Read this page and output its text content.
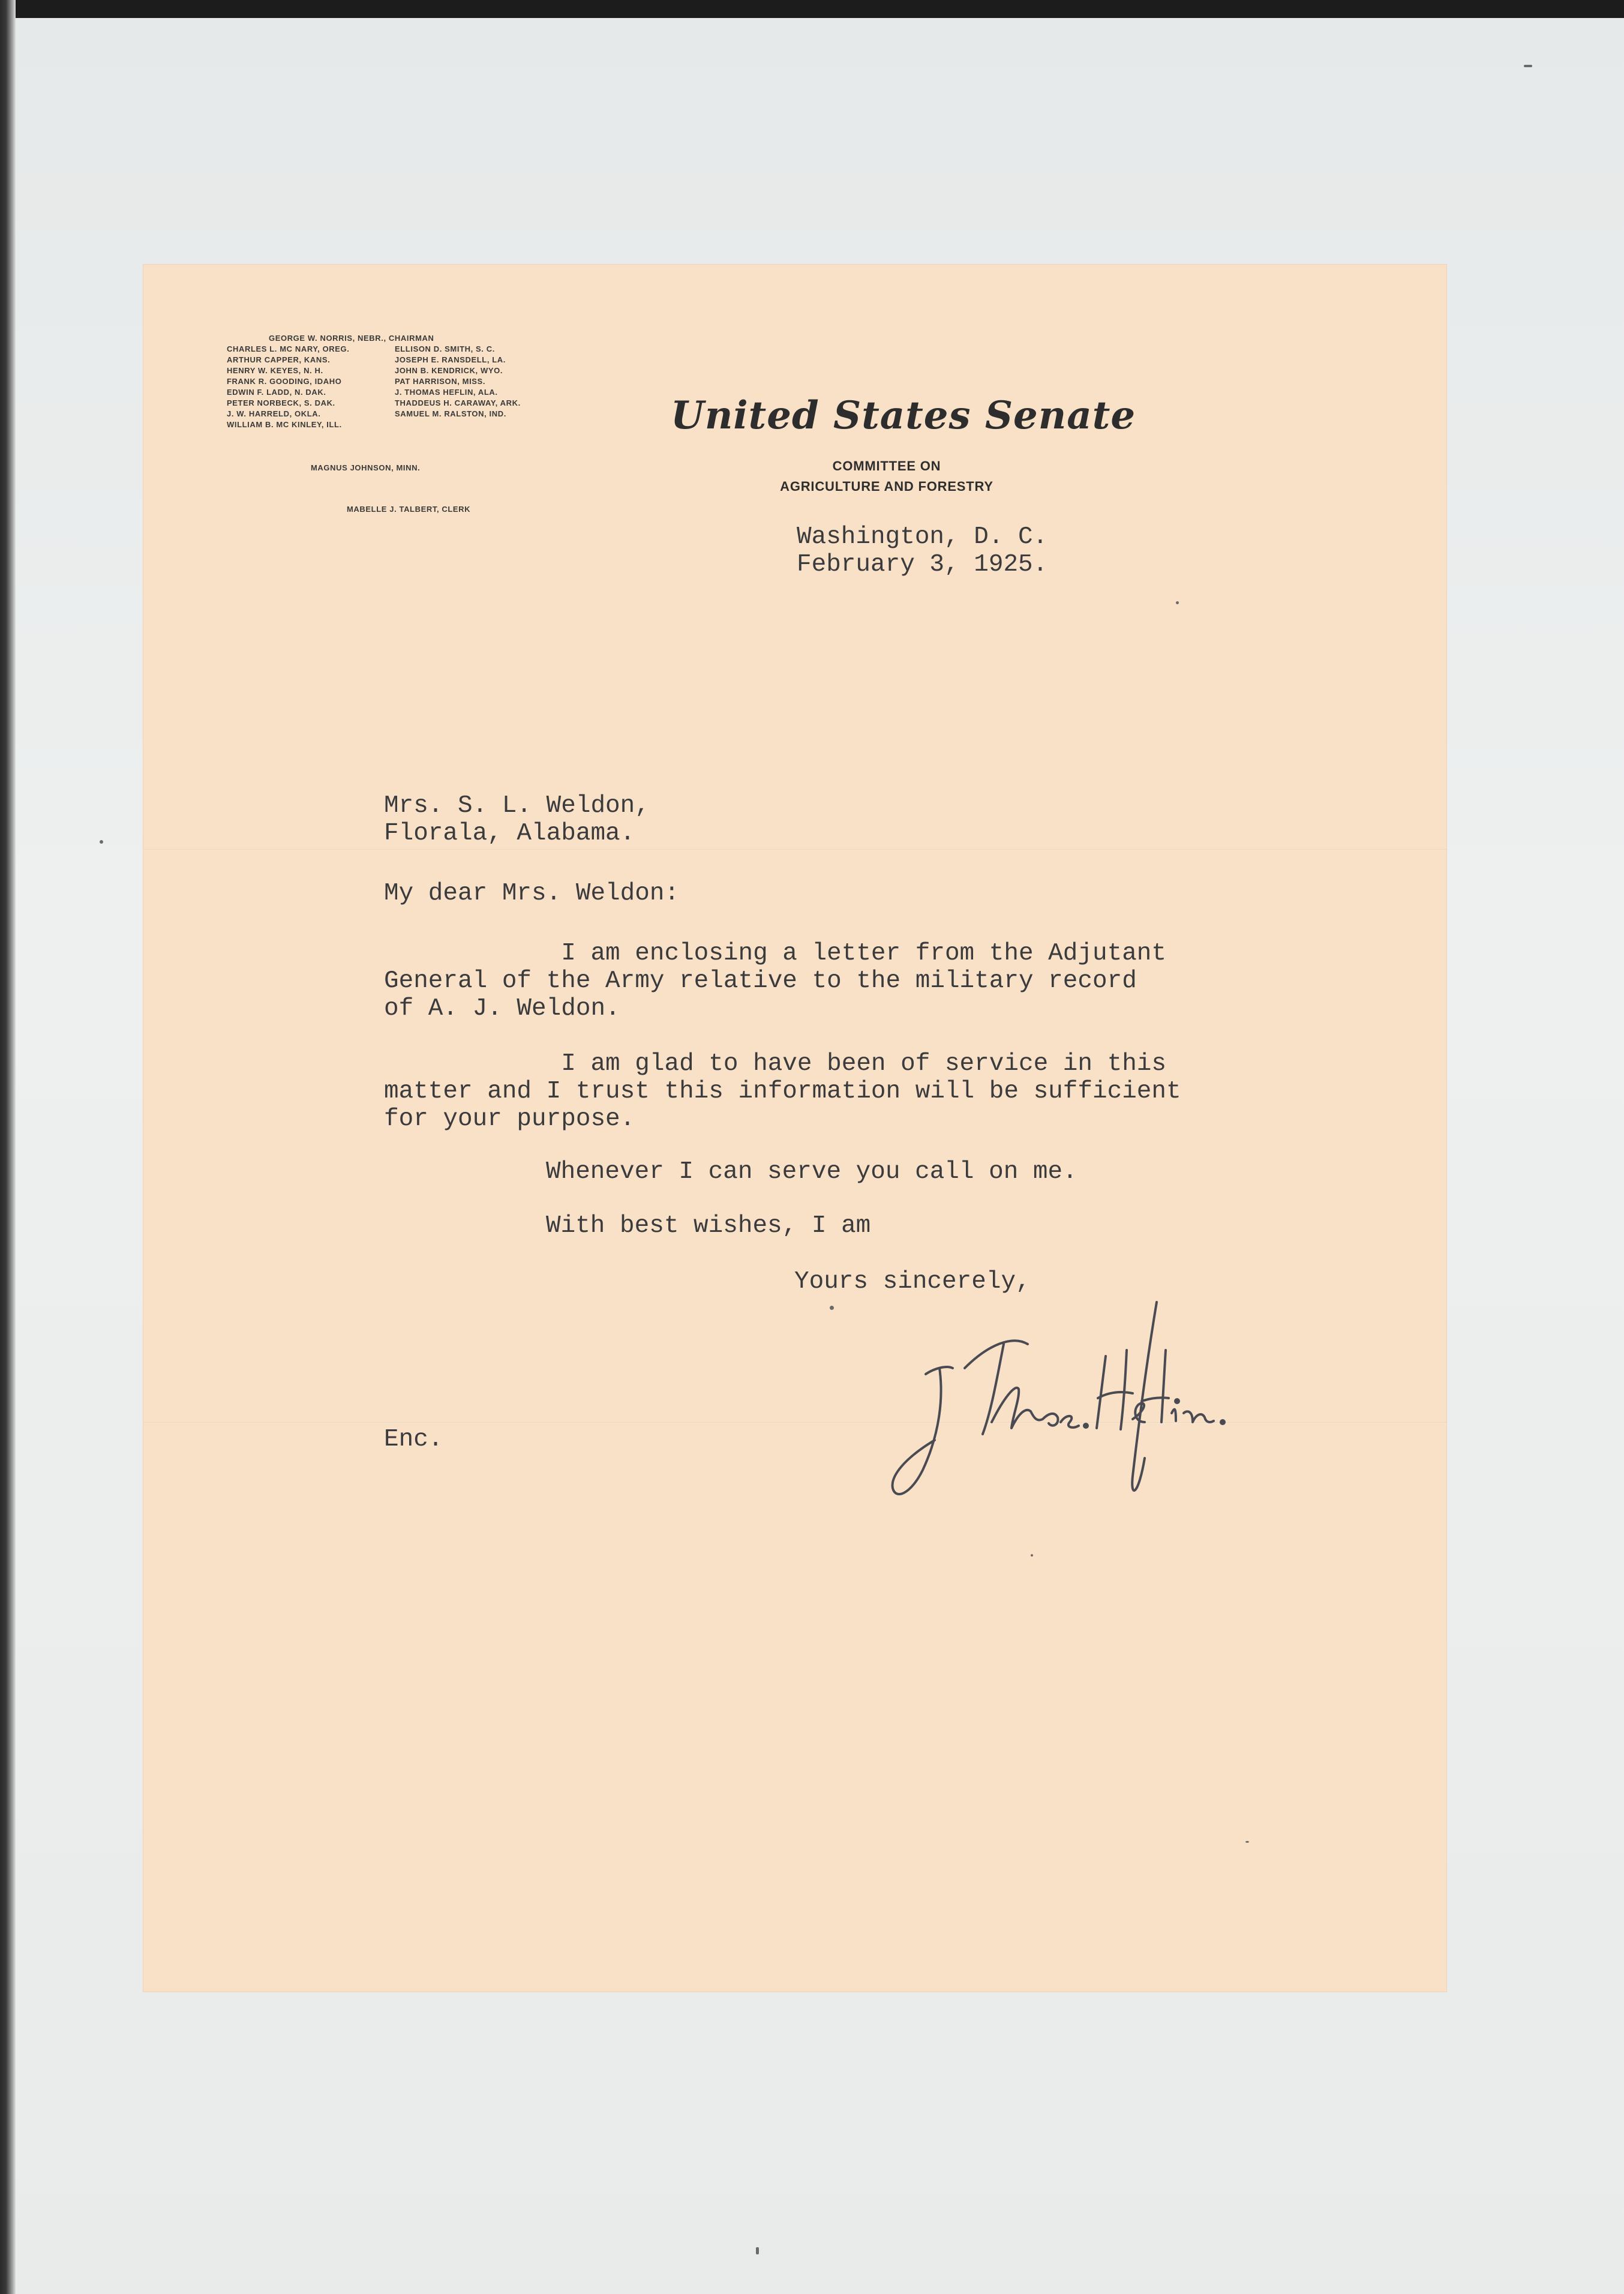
GEORGE W. NORRIS, NEBR., CHAIRMAN
CHARLES L. MC NARY, OREG.
ARTHUR CAPPER, KANS.
HENRY W. KEYES, N. H.
FRANK R. GOODING, IDAHO
EDWIN F. LADD, N. DAK.
PETER NORBECK, S. DAK.
J. W. HARRELD, OKLA.
WILLIAM B. MC KINLEY, ILL.
ELLISON D. SMITH, S. C.
JOSEPH E. RANSDELL, LA.
JOHN B. KENDRICK, WYO.
PAT HARRISON, MISS.
J. THOMAS HEFLIN, ALA.
THADDEUS H. CARAWAY, ARK.
SAMUEL M. RALSTON, IND.
MAGNUS JOHNSON, MINN.
MABELLE J. TALBERT, CLERK
United States Senate
COMMITTEE ON
AGRICULTURE AND FORESTRY
Washington, D. C.
February 3, 1925.
Mrs. S. L. Weldon,
Florala, Alabama.
My dear Mrs. Weldon:
I am enclosing a letter from the Adjutant
General of the Army relative to the military record
of A. J. Weldon.
I am glad to have been of service in this
matter and I trust this information will be sufficient
for your purpose.
Whenever I can serve you call on me.
With best wishes, I am
Yours sincerely,
Enc.
